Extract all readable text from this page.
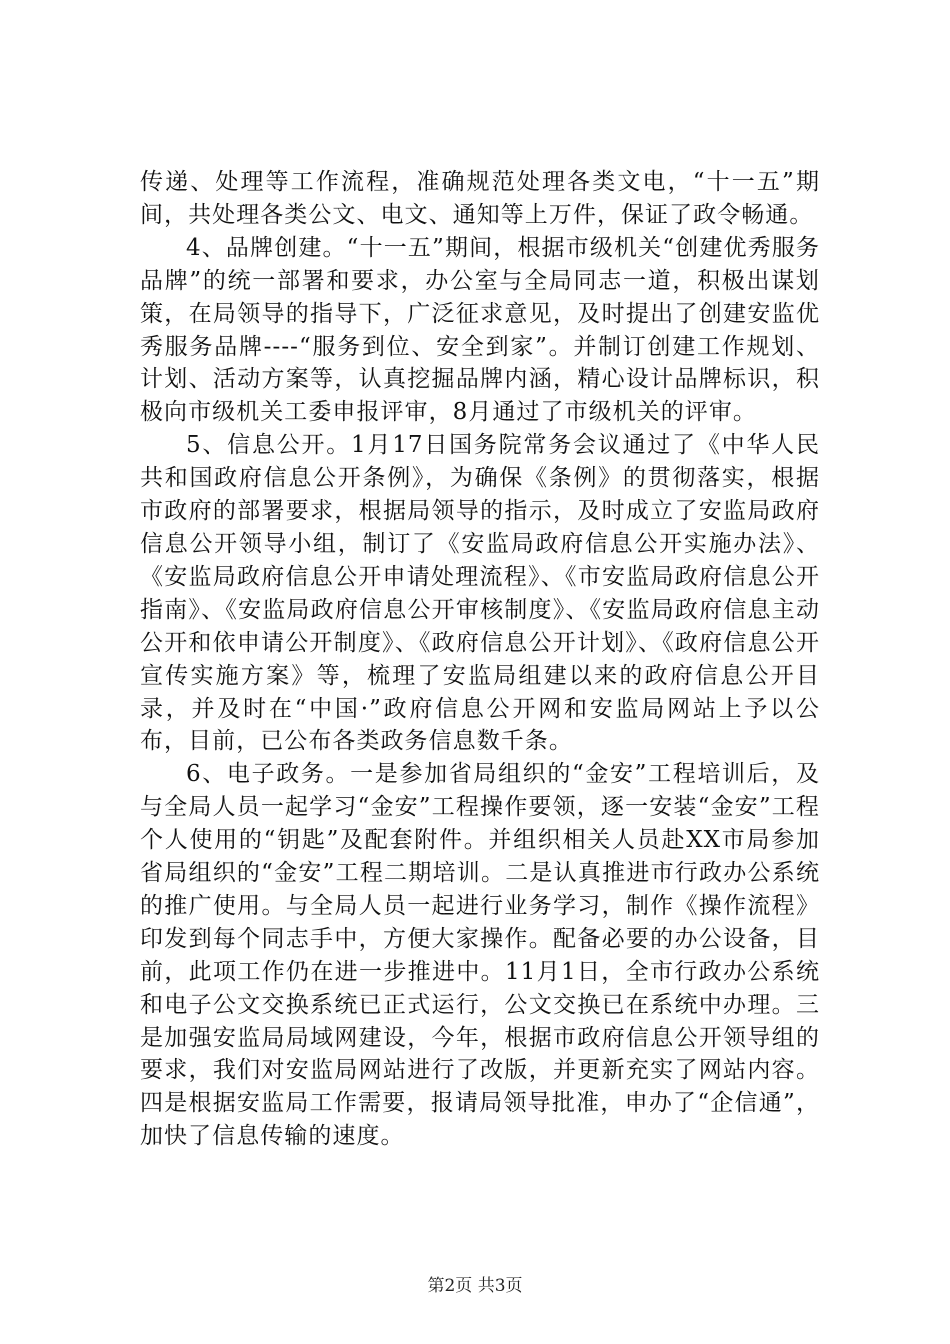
传递、处理等工作流程，准确规范处理各类文电，“十一五”期间，共处理各类公文、电文、通知等上万件，保证了政令畅通。

4、品牌创建。“十一五”期间，根据市级机关“创建优秀服务品牌”的统一部署和要求，办公室与全局同志一道，积极出谋划策，在局领导的指导下，广泛征求意见，及时提出了创建安监优秀服务品牌----“服务到位、安全到家”。并制订创建工作规划、计划、活动方案等，认真挖掘品牌内涵，精心设计品牌标识，积极向市级机关工委申报评审，8月通过了市级机关的评审。

5、信息公开。1月17日国务院常务会议通过了《中华人民共和国政府信息公开条例》，为确保《条例》的贯彻落实，根据市政府的部署要求，根据局领导的指示，及时成立了安监局政府信息公开领导小组，制订了《安监局政府信息公开实施办法》、《安监局政府信息公开申请处理流程》、《市安监局政府信息公开指南》、《安监局政府信息公开审核制度》、《安监局政府信息主动公开和依申请公开制度》、《政府信息公开计划》、《政府信息公开宣传实施方案》等，梳理了安监局组建以来的政府信息公开目录，并及时在“中国·”政府信息公开网和安监局网站上予以公布，目前，已公布各类政务信息数千条。

6、电子政务。一是参加省局组织的“金安”工程培训后，及与全局人员一起学习“金安”工程操作要领，逐一安装“金安”工程个人使用的“钥匙”及配套附件。并组织相关人员赴XX市局参加省局组织的“金安”工程二期培训。二是认真推进市行政办公系统的推广使用。与全局人员一起进行业务学习，制作《操作流程》印发到每个同志手中，方便大家操作。配备必要的办公设备，目前，此项工作仍在进一步推进中。11月1日，全市行政办公系统和电子公文交换系统已正式运行，公文交换已在系统中办理。三是加强安监局局域网建设，今年，根据市政府信息公开领导组的要求，我们对安监局网站进行了改版，并更新充实了网站内容。四是根据安监局工作需要，报请局领导批准，申办了“企信通”，加快了信息传输的速度。

第2页 共3页
